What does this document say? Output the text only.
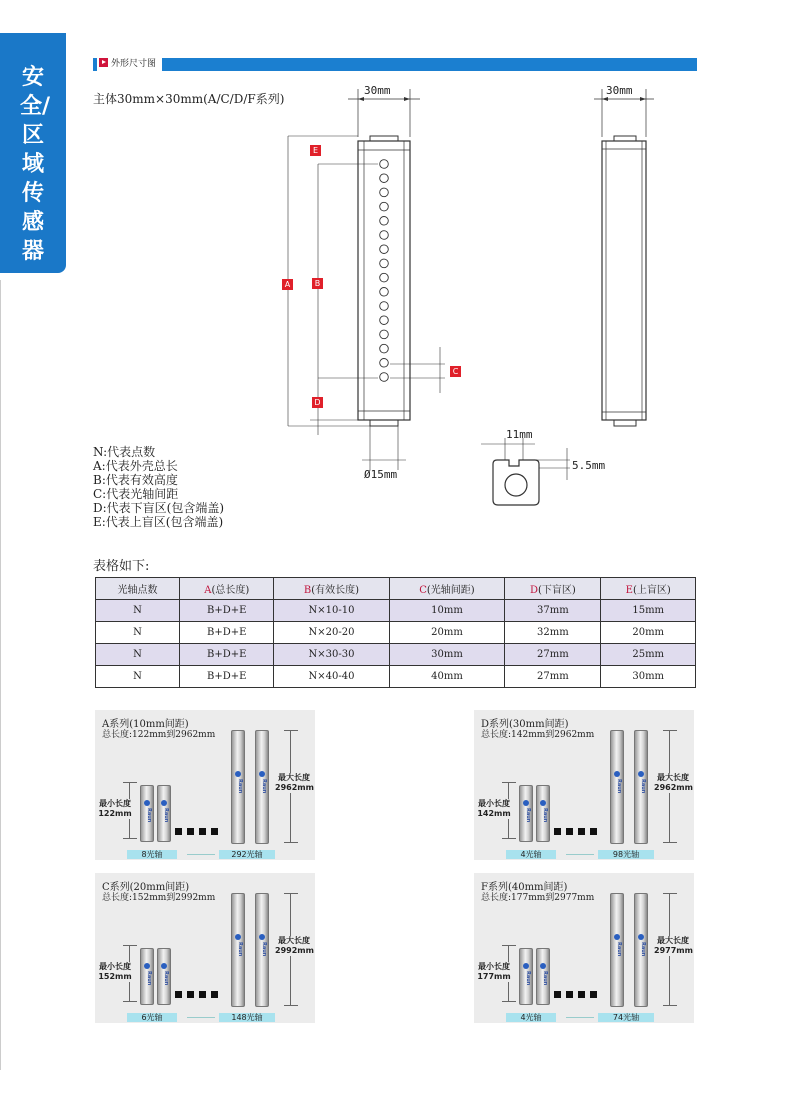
安全/区域传感器
外形尺寸图
主体30mm×30mm(A/C/D/F系列)
30mm
Ø15mm
E
A	B
C
D
30mm
11mm
5.5mm
N:代表点数
A:代表外壳总长
B:代表有效高度
C:代表光轴间距
D:代表下盲区(包含端盖)
E:代表上盲区(包含端盖)
表格如下:
光轴点数	A(总长度)	B(有效长度)	C(光轴间距)	D(下盲区)	E(上盲区)
N	B+D+E	N×10-10	10mm	37mm	15mm
N	B+D+E	N×20-20	20mm	32mm	20mm
N	B+D+E	N×30-30	30mm	27mm	25mm
N	B+D+E	N×40-40	40mm	27mm	30mm
A系列(10mm间距)
总长度:122mm到2962mm
最小长度
122mm	Raun	Raun
Raun	Raun
最大长度
2962mm
8光轴	292光轴
D系列(30mm间距)
总长度:142mm到2962mm
最小长度
142mm	Raun	Raun
Raun	Raun
最大长度
2962mm
4光轴	98光轴
C系列(20mm间距)
总长度:152mm到2992mm
最小长度
152mm	Raun	Raun
Raun	Raun
最大长度
2992mm
6光轴	148光轴
F系列(40mm间距)
总长度:177mm到2977mm
最小长度
177mm	Raun	Raun
Raun	Raun
最大长度
2977mm
4光轴	74光轴
